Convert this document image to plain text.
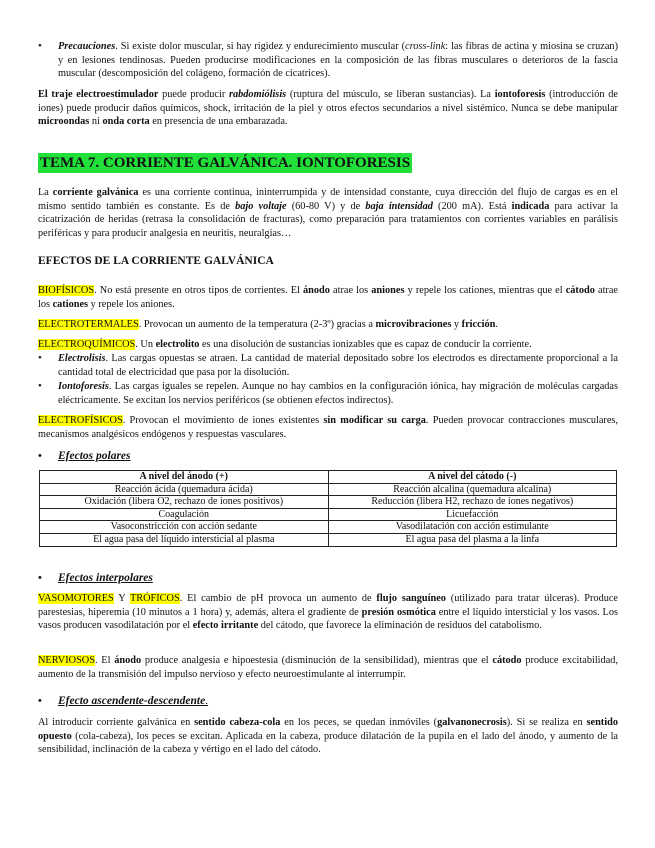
• Precauciones. Si existe dolor muscular, si hay rigidez y endurecimiento muscular (cross-link: las fibras de actina y miosina se cruzan) y en lesiones tendinosas. Pueden producirse modificaciones en la composición de las fibras musculares o deterioros de la fascia muscular (descomposición del colágeno, formación de cicatrices).
El traje electroestimulador puede producir rabdomiólisis (ruptura del músculo, se liberan sustancias). La iontoforesis (introducción de iones) puede producir daños químicos, shock, irritación de la piel y otros efectos secundarios a nivel sistémico. Nunca se debe manipular microondas ni onda corta en presencia de una embarazada.
TEMA 7. CORRIENTE GALVÁNICA. IONTOFORESIS
La corriente galvánica es una corriente continua, ininterrumpida y de intensidad constante, cuya dirección del flujo de cargas es en el mismo sentido también es constante. Es de bajo voltaje (60-80 V) y de baja intensidad (200 mA). Está indicada para activar la cicatrización de heridas (retrasa la consolidación de fracturas), como preparación para tratamientos con corrientes variables en parálisis periféricas y para producir analgesia en neuritis, neuralgias…
EFECTOS DE LA CORRIENTE GALVÁNICA
BIOFÍSICOS. No está presente en otros tipos de corrientes. El ánodo atrae los aniones y repele los cationes, mientras que el cátodo atrae los cationes y repele los aniones.
ELECTROTERMALES. Provocan un aumento de la temperatura (2-3º) gracias a microvibraciones y fricción.
ELECTROQUÍMICOS. Un electrolito es una disolución de sustancias ionizables que es capaz de conducir la corriente.
• Electrolisis. Las cargas opuestas se atraen. La cantidad de material depositado sobre los electrodos es directamente proporcional a la cantidad total de electricidad que pasa por la disolución.
• Iontoforesis. Las cargas iguales se repelen. Aunque no hay cambios en la configuración iónica, hay migración de moléculas cargadas eléctricamente. Se excitan los nervios periféricos (se obtienen efectos indirectos).
ELECTROFÍSICOS. Provocan el movimiento de iones existentes sin modificar su carga. Pueden provocar contracciones musculares, mecanismos analgésicos endógenos y respuestas vasculares.
• Efectos polares
A nivel del ánodo (+)	A nivel del cátodo (-)
Reacción ácida (quemadura ácida)	Reacción alcalina (quemadura alcalina)
Oxidación (libera O2, rechazo de iones positivos)	Reducción (libera H2, rechazo de iones negativos)
Coagulación	Licuefacción
Vasoconstricción con acción sedante	Vasodilatación con acción estimulante
El agua pasa del líquido intersticial al plasma	El agua pasa del plasma a la linfa
• Efectos interpolares
VASOMOTORES Y TRÓFICOS. El cambio de pH provoca un aumento de flujo sanguíneo (utilizado para tratar úlceras). Produce parestesias, hiperemia (10 minutos a 1 hora) y, además, altera el gradiente de presión osmótica entre el líquido intersticial y los vasos. Los vasos producen vasodilatación por el efecto irritante del cátodo, que favorece la eliminación de residuos del catabolismo.
NERVIOSOS. El ánodo produce analgesia e hipoestesia (disminución de la sensibilidad), mientras que el cátodo produce excitabilidad, aumento de la transmisión del impulso nervioso y efecto neuroestimulante al interrumpir.
• Efecto ascendente-descendente.
Al introducir corriente galvánica en sentido cabeza-cola en los peces, se quedan inmóviles (galvanonecrosis). Si se realiza en sentido opuesto (cola-cabeza), los peces se excitan. Aplicada en la cabeza, produce dilatación de la pupila en el lado del ánodo, y aumento de la sensibilidad, inclinación de la cabeza y vértigo en el lado del cátodo.
